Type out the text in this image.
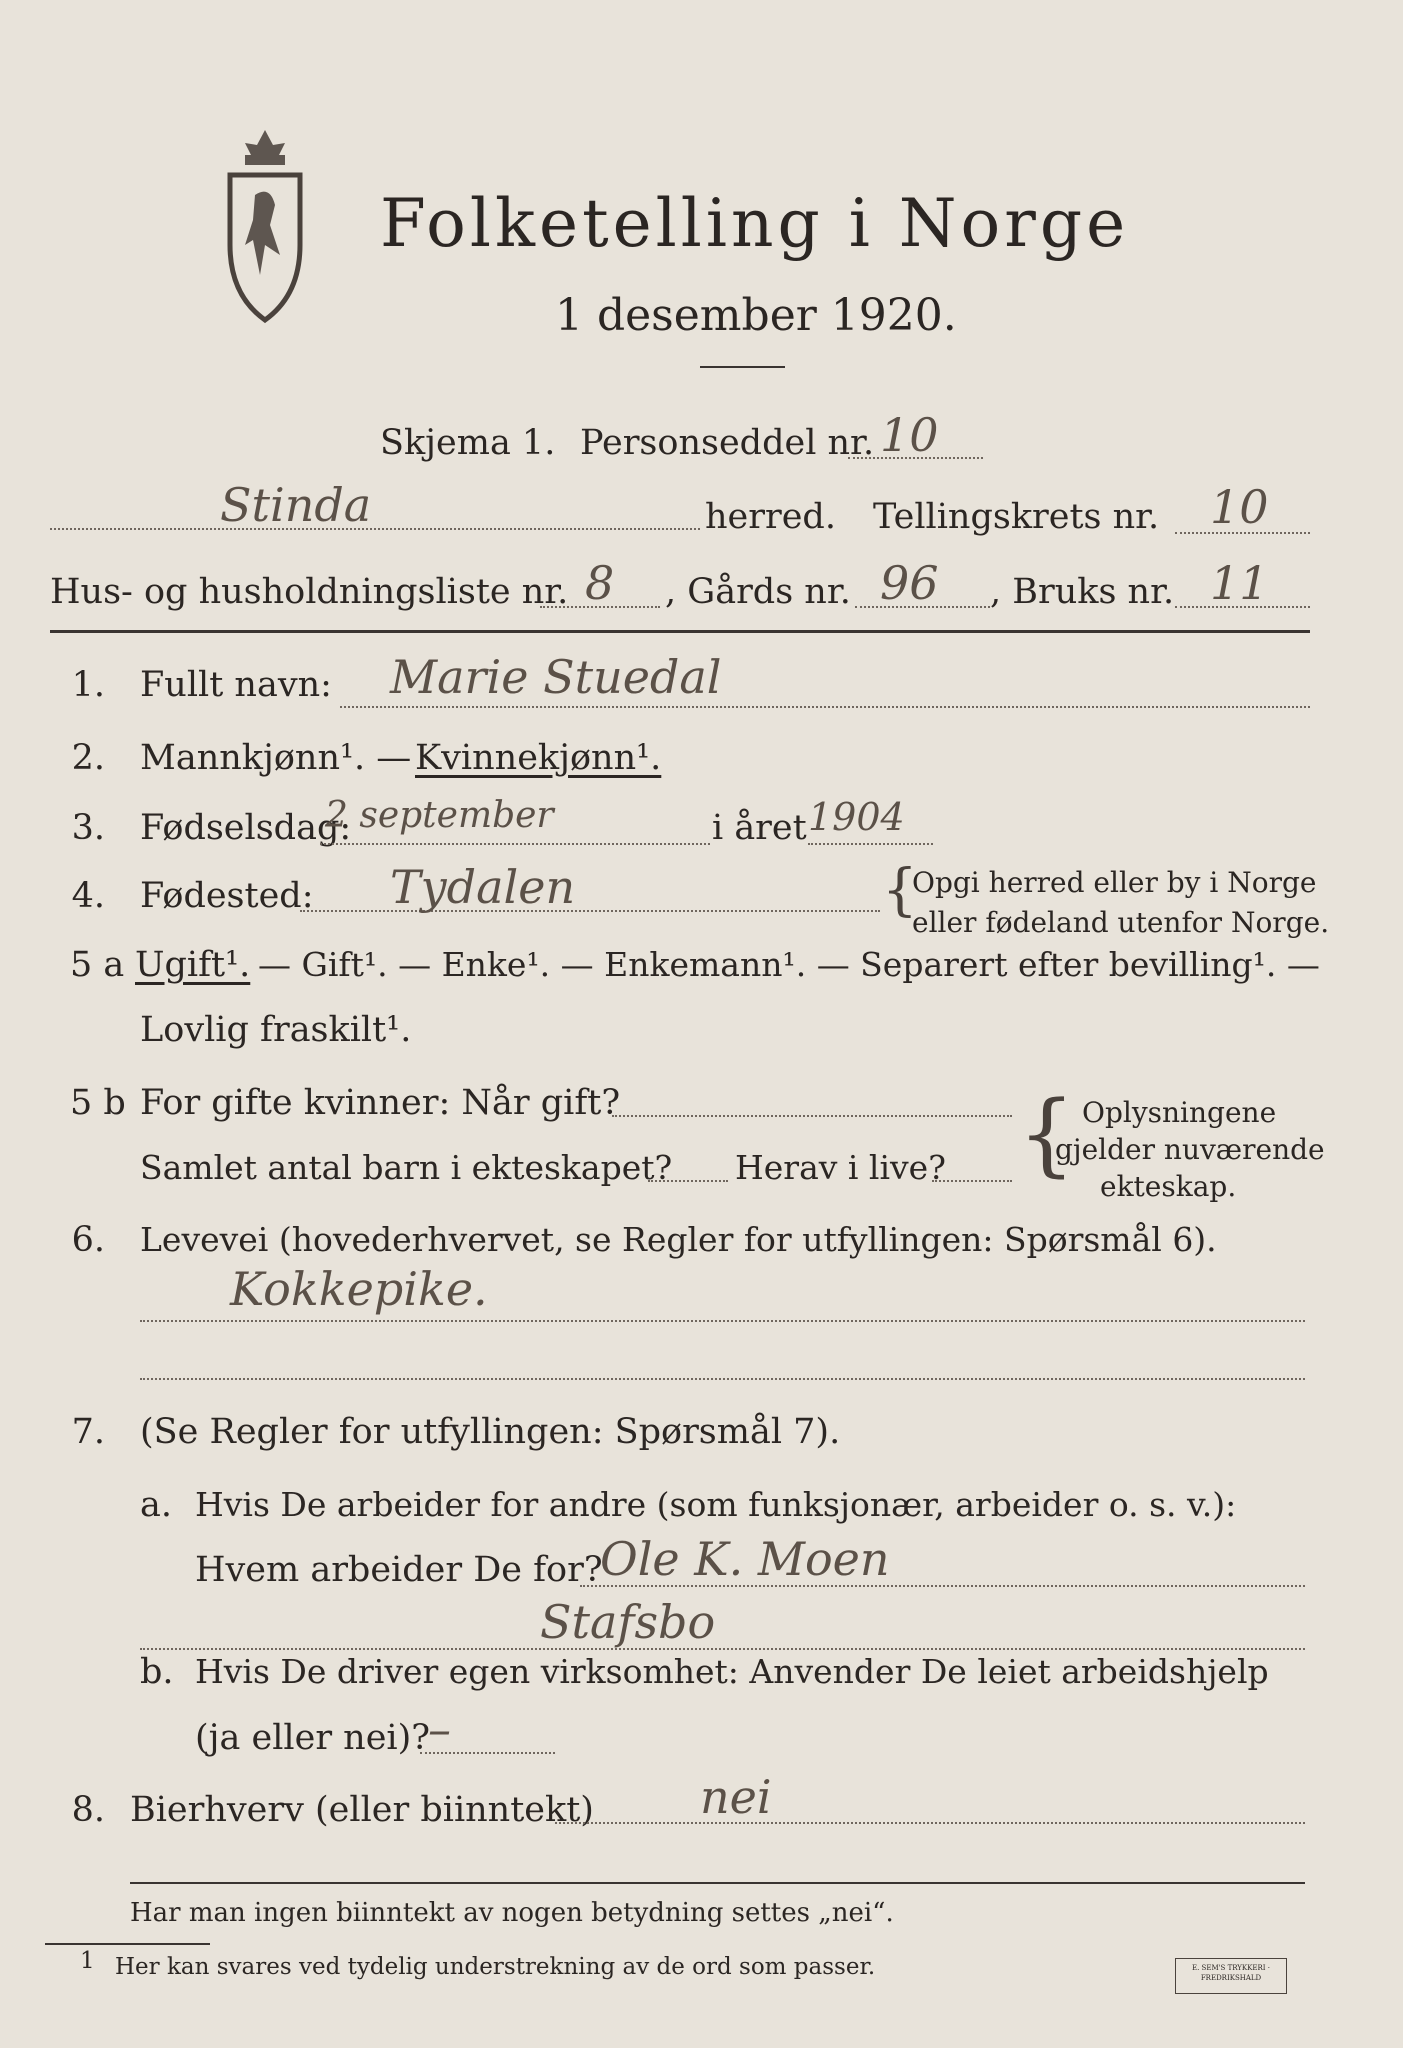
Folketelling i Norge
1 desember 1920.
Skjema 1. Personseddel nr. 10
Stinda	herred. Tellingskrets nr. 10
Hus- og husholdningsliste nr. 8 , Gårds nr. 96 , Bruks nr. 11
1. Fullt navn: Marie Stuedal
2. Mannkjønn¹. — Kvinnekjønn¹.
3. Fødselsdag:
2 september	i året 1904
4. Fødested: Tydalen	{
Opgi herred eller by i Norge
eller fødeland utenfor Norge.
5 a Ugift¹. — Gift¹. — Enke¹. — Enkemann¹. — Separert efter bevilling¹. —
Lovlig fraskilt¹.
5 b For gifte kvinner: Når gift?
Samlet antal barn i ekteskapet? Herav i live? { Oplysningene
gjelder nuværende
ekteskap.
6. Levevei (hovederhvervet, se Regler for utfyllingen: Spørsmål 6).
Kokkepike.
7. (Se Regler for utfyllingen: Spørsmål 7).
a. Hvis De arbeider for andre (som funksjonær, arbeider o. s. v.):
Hvem arbeider De for?
Ole K. Moen
Stafsbo
b. Hvis De driver egen virksomhet: Anvender De leiet arbeidshjelp
(ja eller nei)?
–
8. Bierhverv (eller biinntekt) nei
Har man ingen biinntekt av nogen betydning settes „nei“.
1 Her kan svares ved tydelig understrekning av de ord som passer.	E. SEM'S TRYKKERI · FREDRIKSHALD
